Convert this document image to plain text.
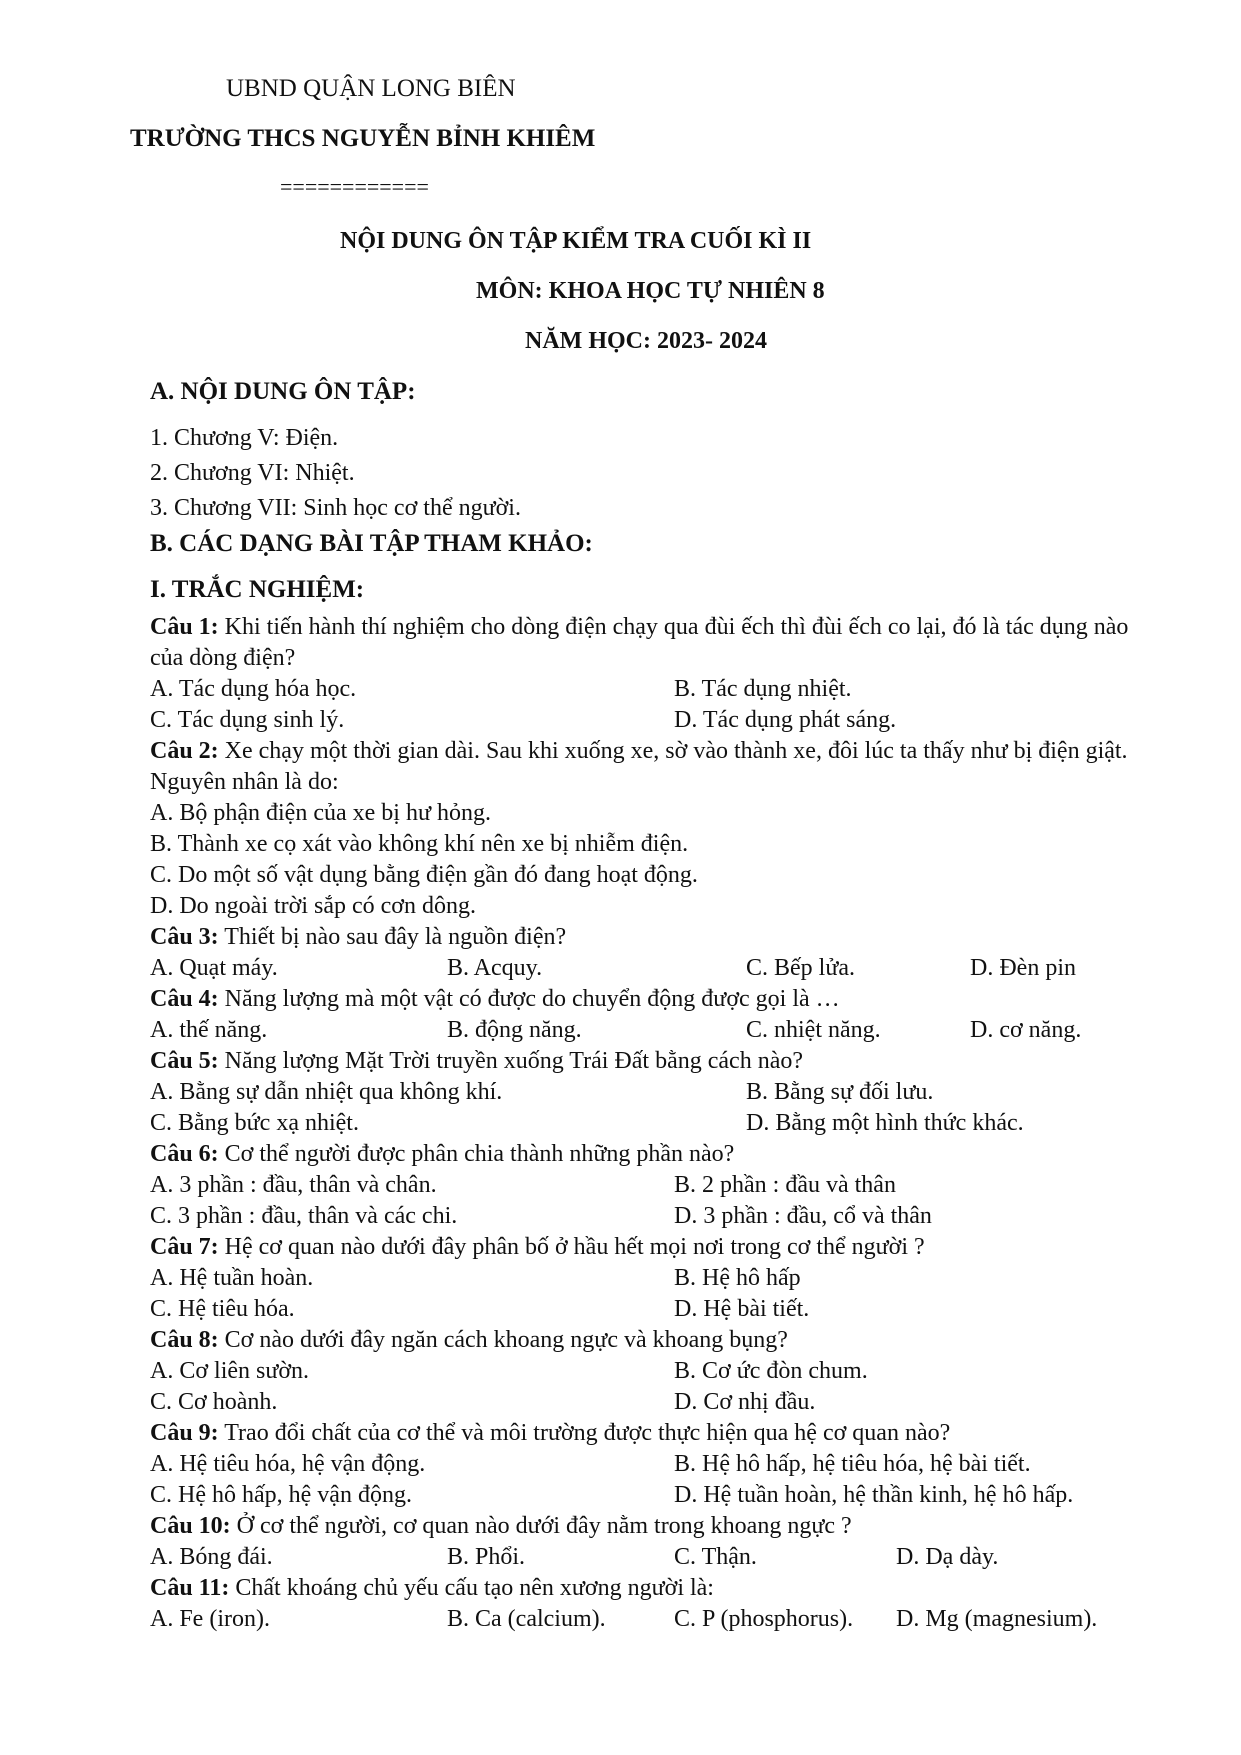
UBND QUẬN LONG BIÊN
TRƯỜNG THCS NGUYỄN BỈNH KHIÊM
============
NỘI DUNG ÔN TẬP KIỂM TRA CUỐI KÌ II
MÔN: KHOA HỌC TỰ NHIÊN 8
NĂM HỌC: 2023- 2024
A. NỘI DUNG ÔN TẬP:
1. Chương V: Điện.
2. Chương VI: Nhiệt.
3. Chương VII: Sinh học cơ thể người.
B. CÁC DẠNG BÀI TẬP THAM KHẢO:
I. TRẮC NGHIỆM:
Câu 1: Khi tiến hành thí nghiệm cho dòng điện chạy qua đùi ếch thì đùi ếch co lại, đó là tác dụng nào của dòng điện?
A. Tác dụng hóa học.	B. Tác dụng nhiệt.
C. Tác dụng sinh lý.	D. Tác dụng phát sáng.
Câu 2: Xe chạy một thời gian dài. Sau khi xuống xe, sờ vào thành xe, đôi lúc ta thấy như bị điện giật. Nguyên nhân là do:
A. Bộ phận điện của xe bị hư hỏng.
B. Thành xe cọ xát vào không khí nên xe bị nhiễm điện.
C. Do một số vật dụng bằng điện gần đó đang hoạt động.
D. Do ngoài trời sắp có cơn dông.
Câu 3: Thiết bị nào sau đây là nguồn điện?
A. Quạt máy.	B. Acquy.	C. Bếp lửa.	D. Đèn pin
Câu 4: Năng lượng mà một vật có được do chuyển động được gọi là …
A. thế năng.	B. động năng.	C. nhiệt năng.	D. cơ năng.
Câu 5: Năng lượng Mặt Trời truyền xuống Trái Đất bằng cách nào?
A. Bằng sự dẫn nhiệt qua không khí.	B. Bằng sự đối lưu.
C. Bằng bức xạ nhiệt.	D. Bằng một hình thức khác.
Câu 6: Cơ thể người được phân chia thành những phần nào?
A. 3 phần : đầu, thân và chân.	B. 2 phần : đầu và thân
C. 3 phần : đầu, thân và các chi.	D. 3 phần : đầu, cổ và thân
Câu 7: Hệ cơ quan nào dưới đây phân bố ở hầu hết mọi nơi trong cơ thể người ?
A. Hệ tuần hoàn.	B. Hệ hô hấp
C. Hệ tiêu hóa.	D. Hệ bài tiết.
Câu 8: Cơ nào dưới đây ngăn cách khoang ngực và khoang bụng?
A. Cơ liên sườn.	B. Cơ ức đòn chum.
C. Cơ hoành.	D. Cơ nhị đầu.
Câu 9: Trao đổi chất của cơ thể và môi trường được thực hiện qua hệ cơ quan nào?
A. Hệ tiêu hóa, hệ vận động.	B. Hệ hô hấp, hệ tiêu hóa, hệ bài tiết.
C. Hệ hô hấp, hệ vận động.	D. Hệ tuần hoàn, hệ thần kinh, hệ hô hấp.
Câu 10: Ở cơ thể người, cơ quan nào dưới đây nằm trong khoang ngực ?
A. Bóng đái.	B. Phổi.	C. Thận.	D. Dạ dày.
Câu 11: Chất khoáng chủ yếu cấu tạo nên xương người là:
A. Fe (iron).	B. Ca (calcium).	C. P (phosphorus). D. Mg (magnesium).
